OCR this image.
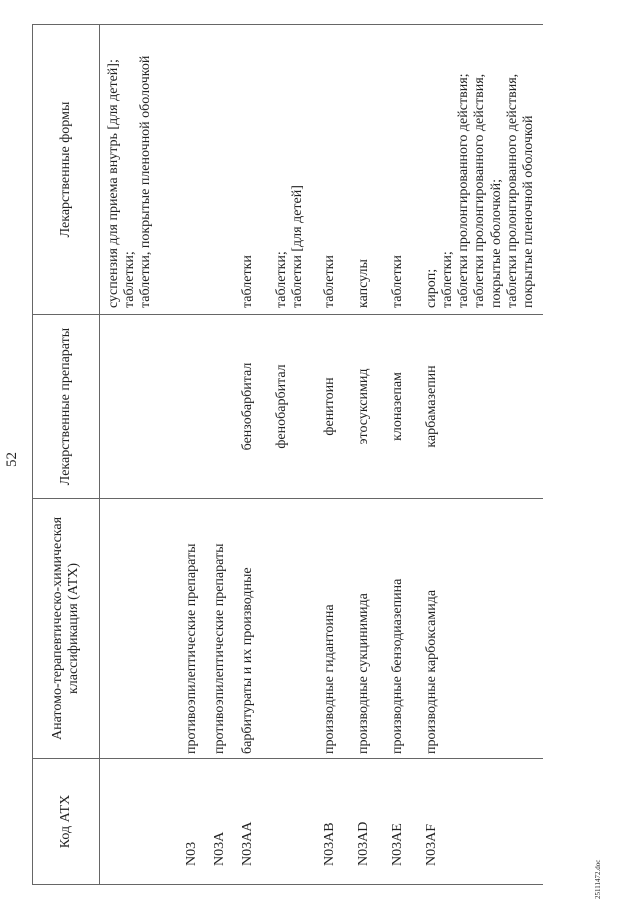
52
25111472.doc
Код АТХ	Анатомо-терапевтическо-химическая классификация (АТХ)	Лекарственные препараты	Лекарственные формы

			суспензия для приема внутрь [для детей]; таблетки; таблетки, покрытые пленочной оболочкой

N03	противоэпилептические препараты		

N03A	противоэпилептические препараты		

N03AA	барбитураты и их производные	бензобарбитал	таблетки

		фенобарбитал	таблетки; таблетки [для детей]

N03AB	производные гидантоина	фенитоин	таблетки

N03AD	производные сукцинимида	этосуксимид	капсулы

N03AE	производные бензодиазепина	клоназепам	таблетки

N03AF	производные карбоксамида	карбамазепин	сироп; таблетки; таблетки пролонгированного действия; таблетки пролонгированного действия, покрытые оболочкой; таблетки пролонгированного действия, покрытые пленочной оболочкой
